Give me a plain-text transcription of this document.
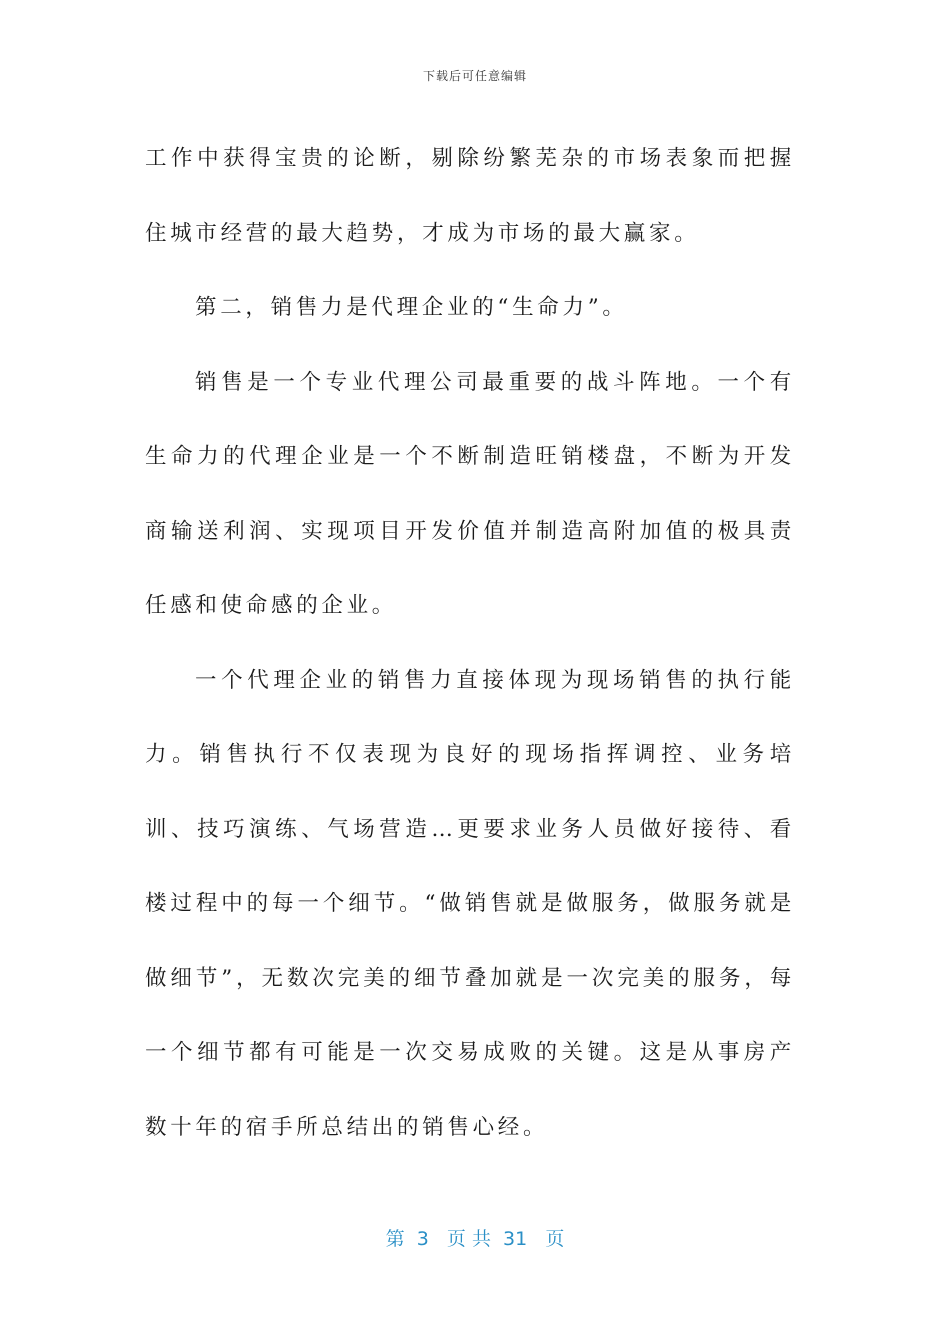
下载后可任意编辑

工作中获得宝贵的论断，剔除纷繁芜杂的市场表象而把握住城市经营的最大趋势，才成为市场的最大赢家。

第二，销售力是代理企业的“生命力”。

销售是一个专业代理公司最重要的战斗阵地。一个有生命力的代理企业是一个不断制造旺销楼盘，不断为开发商输送利润、实现项目开发价值并制造高附加值的极具责任感和使命感的企业。

一个代理企业的销售力直接体现为现场销售的执行能力。销售执行不仅表现为良好的现场指挥调控、业务培训、技巧演练、气场营造…更要求业务人员做好接待、看楼过程中的每一个细节。“做销售就是做服务，做服务就是做细节”，无数次完美的细节叠加就是一次完美的服务，每一个细节都有可能是一次交易成败的关键。这是从事房产数十年的宿手所总结出的销售心经。

第  3   页 共  31   页
